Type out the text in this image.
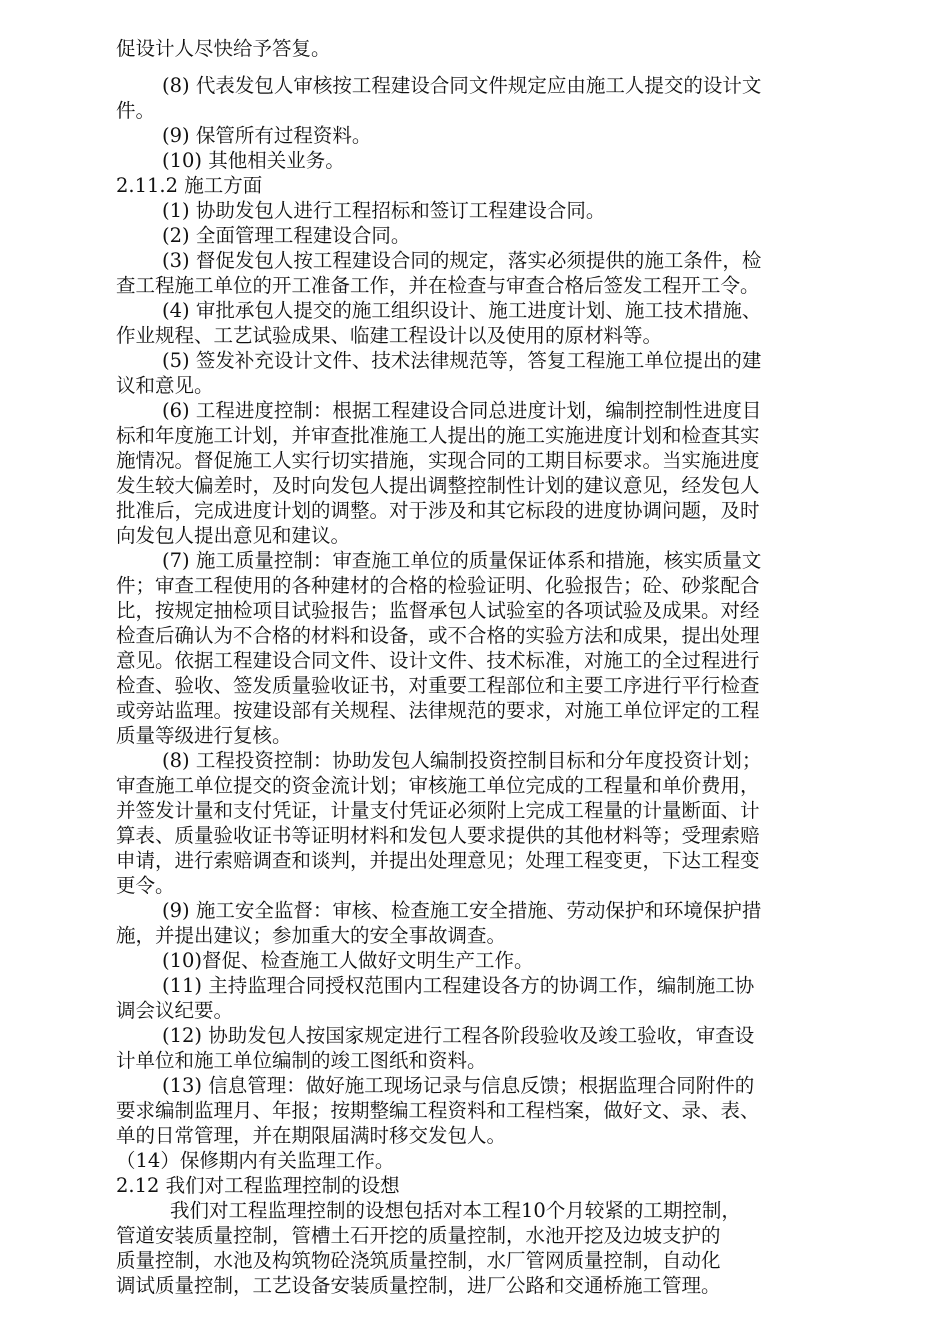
促设计人尽快给予答复。
(8) 代表发包人审核按工程建设合同文件规定应由施工人提交的设计文
件。
(9) 保管所有过程资料。
(10) 其他相关业务。
2.11.2 施工方面
(1) 协助发包人进行工程招标和签订工程建设合同。
(2) 全面管理工程建设合同。
(3) 督促发包人按工程建设合同的规定，落实必须提供的施工条件，检
查工程施工单位的开工准备工作，并在检查与审查合格后签发工程开工令。
(4) 审批承包人提交的施工组织设计、施工进度计划、施工技术措施、
作业规程、工艺试验成果、临建工程设计以及使用的原材料等。
(5) 签发补充设计文件、技术法律规范等，答复工程施工单位提出的建
议和意见。
(6) 工程进度控制：根据工程建设合同总进度计划，编制控制性进度目
标和年度施工计划，并审查批准施工人提出的施工实施进度计划和检查其实
施情况。督促施工人实行切实措施，实现合同的工期目标要求。当实施进度
发生较大偏差时，及时向发包人提出调整控制性计划的建议意见，经发包人
批准后，完成进度计划的调整。对于涉及和其它标段的进度协调问题，及时
向发包人提出意见和建议。
(7) 施工质量控制：审查施工单位的质量保证体系和措施，核实质量文
件；审查工程使用的各种建材的合格的检验证明、化验报告；砼、砂浆配合
比，按规定抽检项目试验报告；监督承包人试验室的各项试验及成果。对经
检查后确认为不合格的材料和设备，或不合格的实验方法和成果，提出处理
意见。依据工程建设合同文件、设计文件、技术标准，对施工的全过程进行
检查、验收、签发质量验收证书，对重要工程部位和主要工序进行平行检查
或旁站监理。按建设部有关规程、法律规范的要求，对施工单位评定的工程
质量等级进行复核。
(8) 工程投资控制：协助发包人编制投资控制目标和分年度投资计划；
审查施工单位提交的资金流计划；审核施工单位完成的工程量和单价费用，
并签发计量和支付凭证，计量支付凭证必须附上完成工程量的计量断面、计
算表、质量验收证书等证明材料和发包人要求提供的其他材料等；受理索赔
申请，进行索赔调查和谈判，并提出处理意见；处理工程变更，下达工程变
更令。
(9) 施工安全监督：审核、检查施工安全措施、劳动保护和环境保护措
施，并提出建议；参加重大的安全事故调查。
(10)督促、检查施工人做好文明生产工作。
(11) 主持监理合同授权范围内工程建设各方的协调工作，编制施工协
调会议纪要。
(12) 协助发包人按国家规定进行工程各阶段验收及竣工验收，审查设
计单位和施工单位编制的竣工图纸和资料。
(13) 信息管理：做好施工现场记录与信息反馈；根据监理合同附件的
要求编制监理月、年报；按期整编工程资料和工程档案，做好文、录、表、
单的日常管理，并在期限届满时移交发包人。
（14）保修期内有关监理工作。
2.12 我们对工程监理控制的设想
我们对工程监理控制的设想包括对本工程10个月较紧的工期控制，
管道安装质量控制，管槽土石开挖的质量控制，水池开挖及边坡支护的
质量控制，水池及构筑物砼浇筑质量控制，水厂管网质量控制，自动化
调试质量控制，工艺设备安装质量控制，进厂公路和交通桥施工管理。
